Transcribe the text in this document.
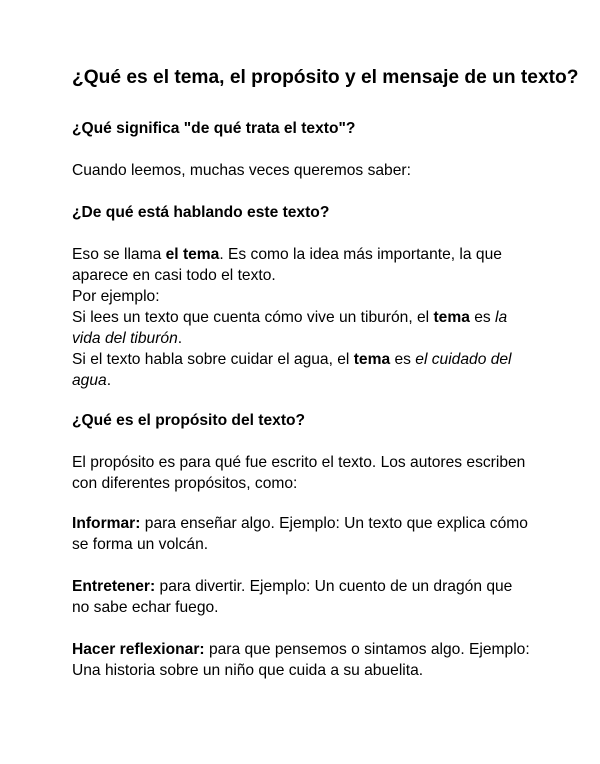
¿Qué es el tema, el propósito y el mensaje de un texto?

¿Qué significa "de qué trata el texto"?

Cuando leemos, muchas veces queremos saber:

¿De qué está hablando este texto?

Eso se llama el tema. Es como la idea más importante, la que aparece en casi todo el texto.
Por ejemplo:
Si lees un texto que cuenta cómo vive un tiburón, el tema es la vida del tiburón.
Si el texto habla sobre cuidar el agua, el tema es el cuidado del agua.

¿Qué es el propósito del texto?

El propósito es para qué fue escrito el texto. Los autores escriben con diferentes propósitos, como:

Informar: para enseñar algo. Ejemplo: Un texto que explica cómo se forma un volcán.

Entretener: para divertir. Ejemplo: Un cuento de un dragón que no sabe echar fuego.

Hacer reflexionar: para que pensemos o sintamos algo. Ejemplo: Una historia sobre un niño que cuida a su abuelita.
